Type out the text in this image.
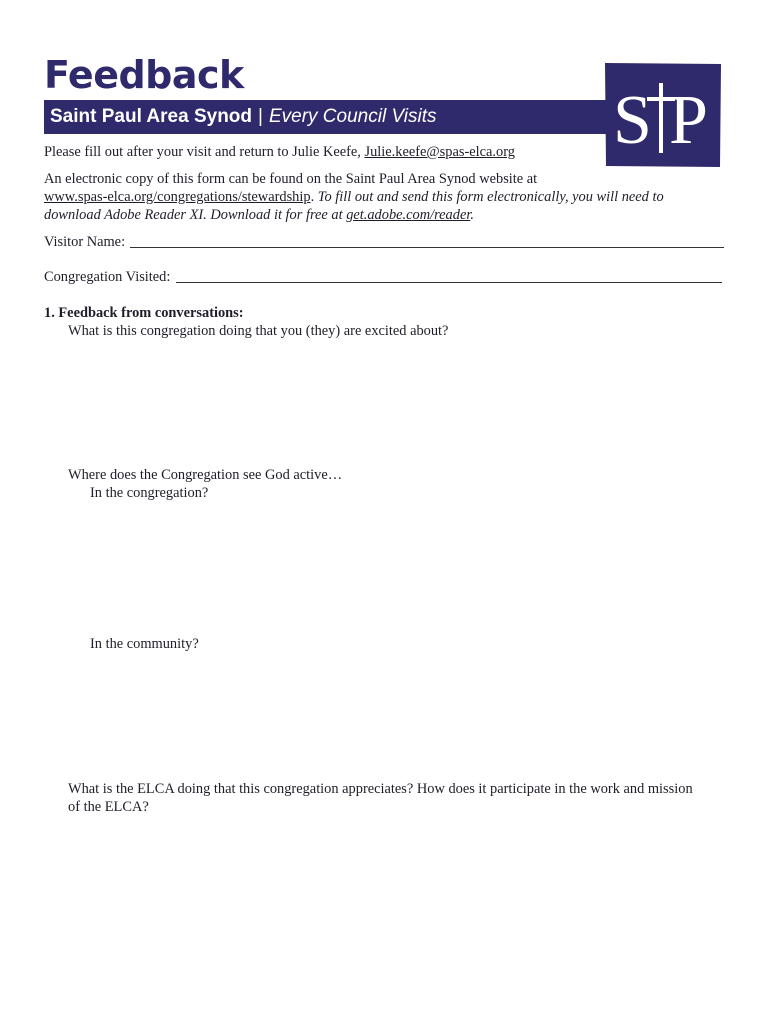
Feedback
Saint Paul Area Synod | Every Council Visits	S P
Please fill out after your visit and return to Julie Keefe, Julie.keefe@spas-elca.org
An electronic copy of this form can be found on the Saint Paul Area Synod website at
www.spas-elca.org/congregations/stewardship. To fill out and send this form electronically, you will need to
download Adobe Reader XI. Download it for free at get.adobe.com/reader.
Visitor Name:
Congregation Visited:
1. Feedback from conversations:
What is this congregation doing that you (they) are excited about?
Where does the Congregation see God active…
In the congregation?
In the community?
What is the ELCA doing that this congregation appreciates? How does it participate in the work and mission
of the ELCA?
